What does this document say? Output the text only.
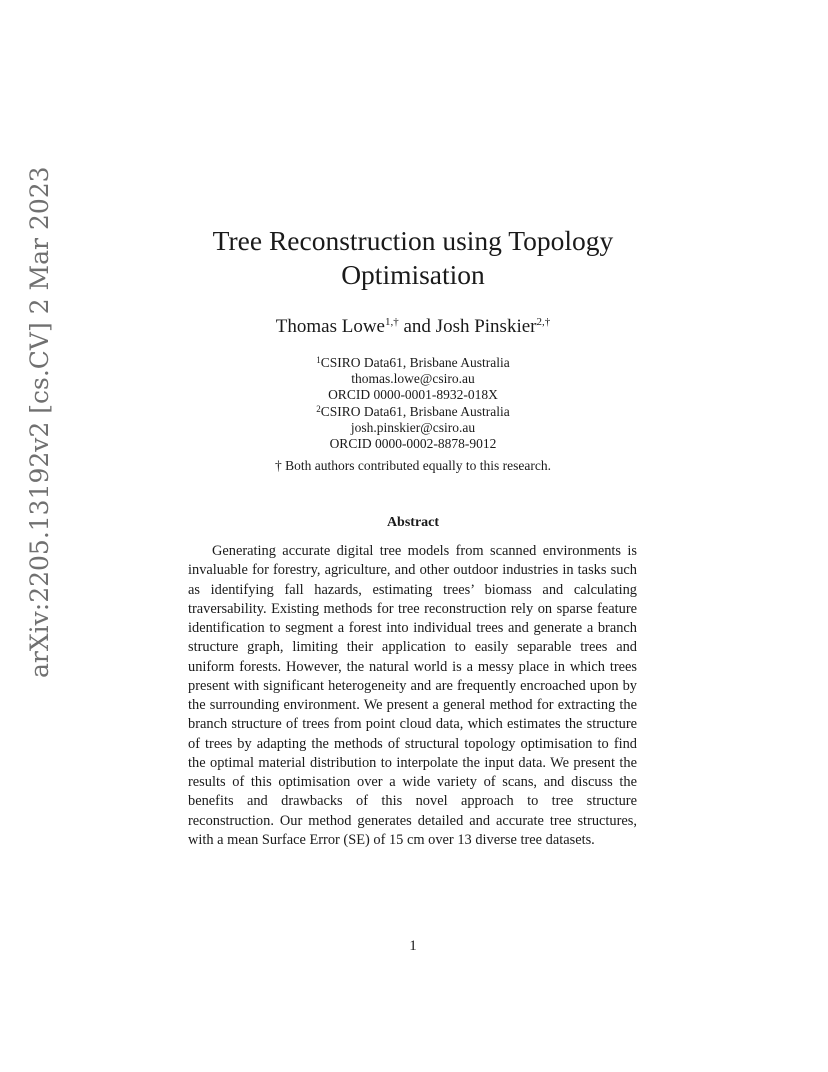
arXiv:2205.13192v2 [cs.CV] 2 Mar 2023	Tree Reconstruction using Topology Optimisation

Thomas Lowe$^{1,\dagger}$ and Josh Pinskier$^{2,\dagger}$

$^1$CSIRO Data61, Brisbane Australia
thomas.lowe@csiro.au
ORCID 0000-0001-8932-018X
$^2$CSIRO Data61, Brisbane Australia
josh.pinskier@csiro.au
ORCID 0000-0002-8878-9012
† Both authors contributed equally to this research.
Abstract

Generating accurate digital tree models from scanned environments is invaluable for forestry, agriculture, and other outdoor industries in tasks such as identifying fall hazards, estimating trees’ biomass and calculating traversability. Existing methods for tree reconstruction rely on sparse feature identification to segment a forest into individual trees and generate a branch structure graph, limiting their application to easily separable trees and uniform forests. However, the natural world is a messy place in which trees present with significant heterogeneity and are frequently encroached upon by the surrounding environment. We present a general method for extracting the branch structure of trees from point cloud data, which estimates the structure of trees by adapting the methods of structural topology optimisation to find the optimal material distribution to interpolate the input data. We present the results of this optimisation over a wide variety of scans, and discuss the benefits and drawbacks of this novel approach to tree structure reconstruction. Our method generates detailed and accurate tree structures, with a mean Surface Error (SE) of 15 cm over 13 diverse tree datasets.

1
